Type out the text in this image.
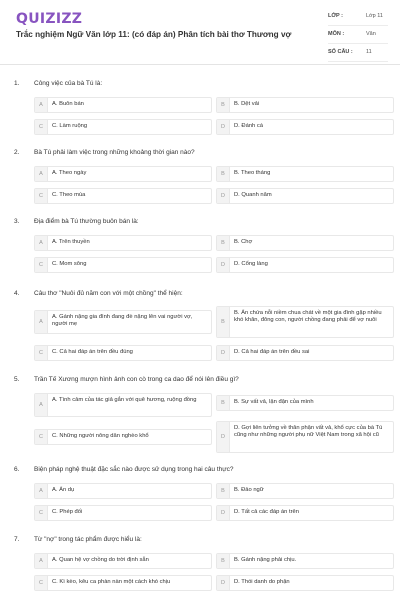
QUIZIZZ
Trắc nghiệm Ngữ Văn lớp 11: (có đáp án) Phân tích bài thơ Thương vợ
LỚP :	Lớp 11
MÔN :	Văn
SỐ CÂU : 11
1. Công việc của bà Tú là:
A	A. Buôn bán	B	B. Dệt vải
C	C. Làm ruộng	D	D. Đánh cá
2. Bà Tú phải làm việc trong những khoảng thời gian nào?
A	A. Theo ngày	B	B. Theo tháng
C	C. Theo mùa	D	D. Quanh năm
3. Địa điểm bà Tú thường buôn bán là:
A	A. Trên thuyền	B	B. Chợ
C	C. Mom sông	D	D. Cổng làng
4. Câu thơ "Nuôi đủ năm con với một chồng" thể hiện:
A
A. Gánh nặng gia đình đang đè nặng lên vai người vợ, người mẹ	B
B. Ẩn chứa nỗi niềm chua chát về một gia đình gặp nhiều khó khăn, đông con, người chồng đang phải để vợ nuôi
C	C. Cả hai đáp án trên đều đúng	D	D. Cả hai đáp án trên đều sai
5. Trần Tế Xương mượn hình ảnh con cò trong ca dao để nói lên điều gì?
A
A. Tình cảm của tác giả gắn với quê hương, ruộng đồng	B	B. Sự vất vả, lận đận của mình
C	C. Những người nông dân nghèo khổ	D
D. Gợi liên tưởng về thân phận vất vả, khổ cực của bà Tú cũng như những người phụ nữ Việt Nam trong xã hội cũ
6. Biện pháp nghệ thuật đặc sắc nào được sử dụng trong hai câu thực?
A	A. Ẩn dụ	B	B. Đảo ngữ
C	C. Phép đối	D	D. Tất cả các đáp án trên
7. Từ "nợ" trong tác phẩm được hiểu là:
A	A. Quan hệ vợ chồng do trời định sẵn	B	B. Gánh nặng phải chịu.
C	C. Kì kèo, kêu ca phàn nàn một cách khó chịu	D	D. Thói danh do phận
